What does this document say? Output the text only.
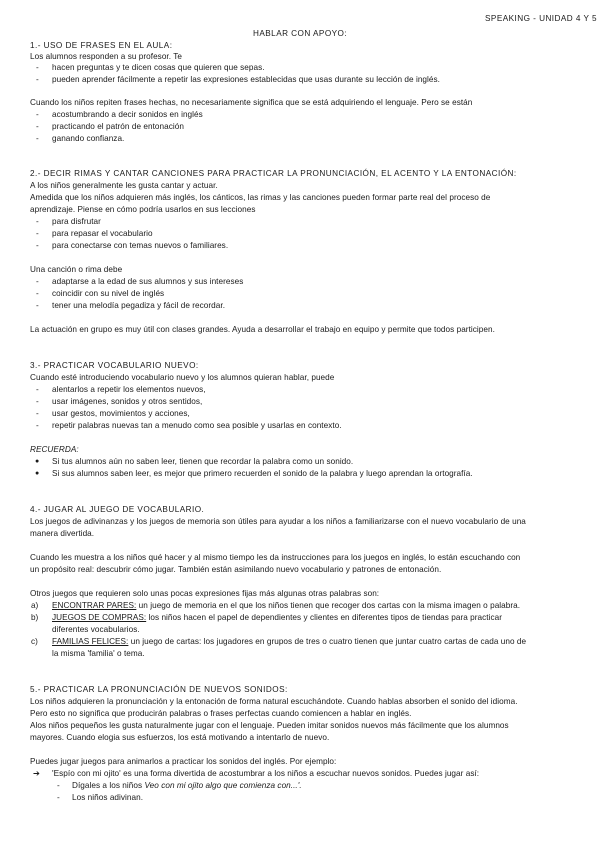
SPEAKING - UNIDAD 4 Y 5
HABLAR CON APOYO:
1.- USO DE FRASES EN EL AULA:
Los alumnos responden a su profesor. Te
- hacen preguntas y te dicen cosas que quieren que sepas.
- pueden aprender fácilmente a repetir las expresiones establecidas que usas durante su lección de inglés.
Cuando los niños repiten frases hechas, no necesariamente significa que se está adquiriendo el lenguaje. Pero se están
- acostumbrando a decir sonidos en inglés
- practicando el patrón de entonación
- ganando confianza.
2.- DECIR RIMAS Y CANTAR CANCIONES PARA PRACTICAR LA PRONUNCIACIÓN, EL ACENTO Y LA ENTONACIÓN:
A los niños generalmente les gusta cantar y actuar.
Amedida que los niños adquieren más inglés, los cánticos, las rimas y las canciones pueden formar parte real del proceso de
aprendizaje. Piense en cómo podría usarlos en sus lecciones
- para disfrutar
- para repasar el vocabulario
- para conectarse con temas nuevos o familiares.
Una canción o rima debe
- adaptarse a la edad de sus alumnos y sus intereses
- coincidir con su nivel de inglés
- tener una melodía pegadiza y fácil de recordar.
La actuación en grupo es muy útil con clases grandes. Ayuda a desarrollar el trabajo en equipo y permite que todos participen.
3.- PRACTICAR VOCABULARIO NUEVO:
Cuando esté introduciendo vocabulario nuevo y los alumnos quieran hablar, puede
- alentarlos a repetir los elementos nuevos,
- usar imágenes, sonidos y otros sentidos,
- usar gestos, movimientos y acciones,
- repetir palabras nuevas tan a menudo como sea posible y usarlas en contexto.
RECUERDA:
● Si tus alumnos aún no saben leer, tienen que recordar la palabra como un sonido.
● Si sus alumnos saben leer, es mejor que primero recuerden el sonido de la palabra y luego aprendan la ortografía.
4.- JUGAR AL JUEGO DE VOCABULARIO.
Los juegos de adivinanzas y los juegos de memoria son útiles para ayudar a los niños a familiarizarse con el nuevo vocabulario de una
manera divertida.
Cuando les muestra a los niños qué hacer y al mismo tiempo les da instrucciones para los juegos en inglés, lo están escuchando con
un propósito real: descubrir cómo jugar. También están asimilando nuevo vocabulario y patrones de entonación.
Otros juegos que requieren solo unas pocas expresiones fijas más algunas otras palabras son:
a) ENCONTRAR PARES: un juego de memoria en el que los niños tienen que recoger dos cartas con la misma imagen o palabra.
b) JUEGOS DE COMPRAS: los niños hacen el papel de dependientes y clientes en diferentes tipos de tiendas para practicar
diferentes vocabularios.
c) FAMILIAS FELICES: un juego de cartas: los jugadores en grupos de tres o cuatro tienen que juntar cuatro cartas de cada uno de
la misma 'familia' o tema.
5.- PRACTICAR LA PRONUNCIACIÓN DE NUEVOS SONIDOS:
Los niños adquieren la pronunciación y la entonación de forma natural escuchándote. Cuando hablas absorben el sonido del idioma.
Pero esto no significa que producirán palabras o frases perfectas cuando comiencen a hablar en inglés.
Alos niños pequeños les gusta naturalmente jugar con el lenguaje. Pueden imitar sonidos nuevos más fácilmente que los alumnos
mayores. Cuando elogia sus esfuerzos, los está motivando a intentarlo de nuevo.
Puedes jugar juegos para animarlos a practicar los sonidos del inglés. Por ejemplo:
➔ 'Espío con mi ojito' es una forma divertida de acostumbrar a los niños a escuchar nuevos sonidos. Puedes jugar así:
- Dígales a los niños Veo con mi ojito algo que comienza con...'.
- Los niños adivinan.
